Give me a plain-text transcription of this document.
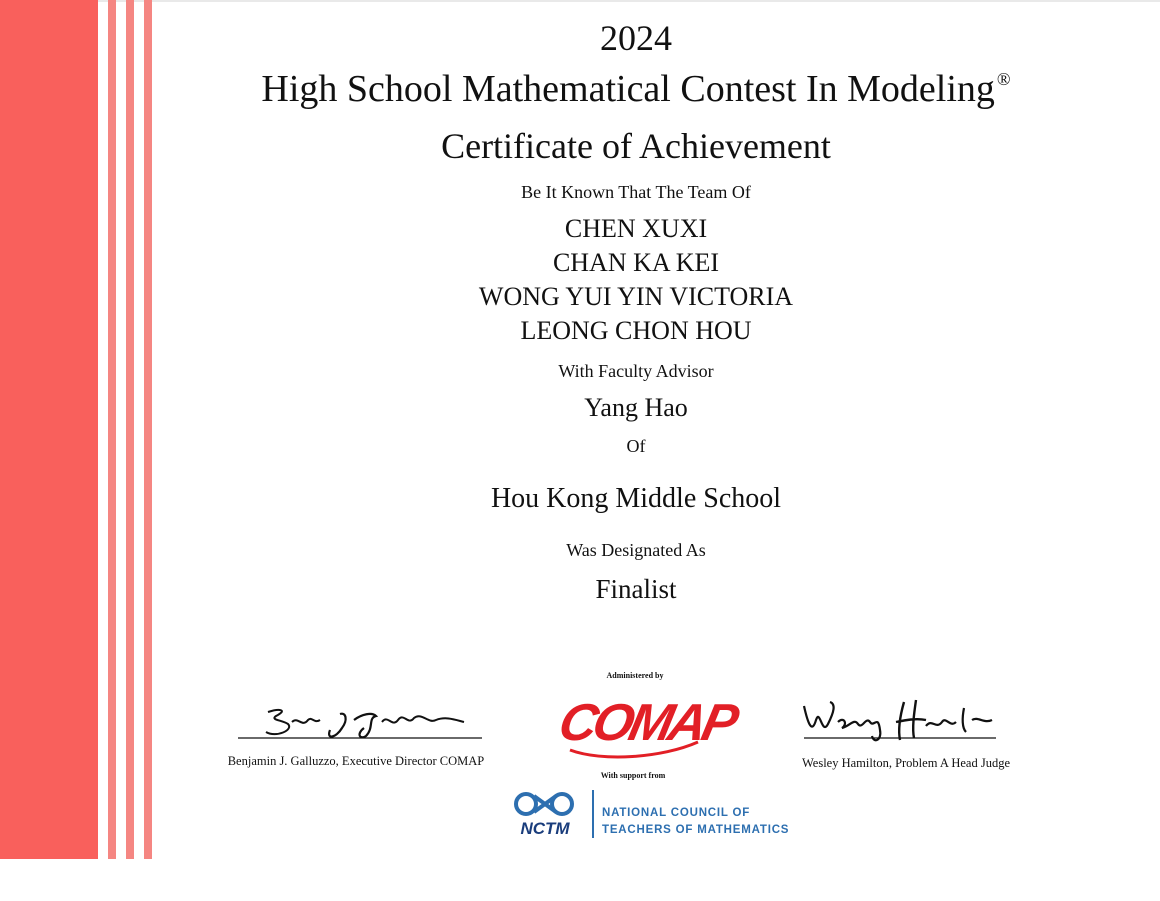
2024
High School Mathematical Contest In Modeling ®
Certificate of Achievement
Be It Known That The Team Of
CHEN XUXI
CHAN KA KEI
WONG YUI YIN VICTORIA
LEONG CHON HOU
With Faculty Advisor
Yang Hao
Of
Hou Kong Middle School
Was Designated As
Finalist
Benjamin J. Galluzzo, Executive Director COMAP
Administered by
COMAP
With support from
Wesley Hamilton, Problem A Head Judge
NCTM
NATIONAL COUNCIL OF
TEACHERS OF MATHEMATICS
